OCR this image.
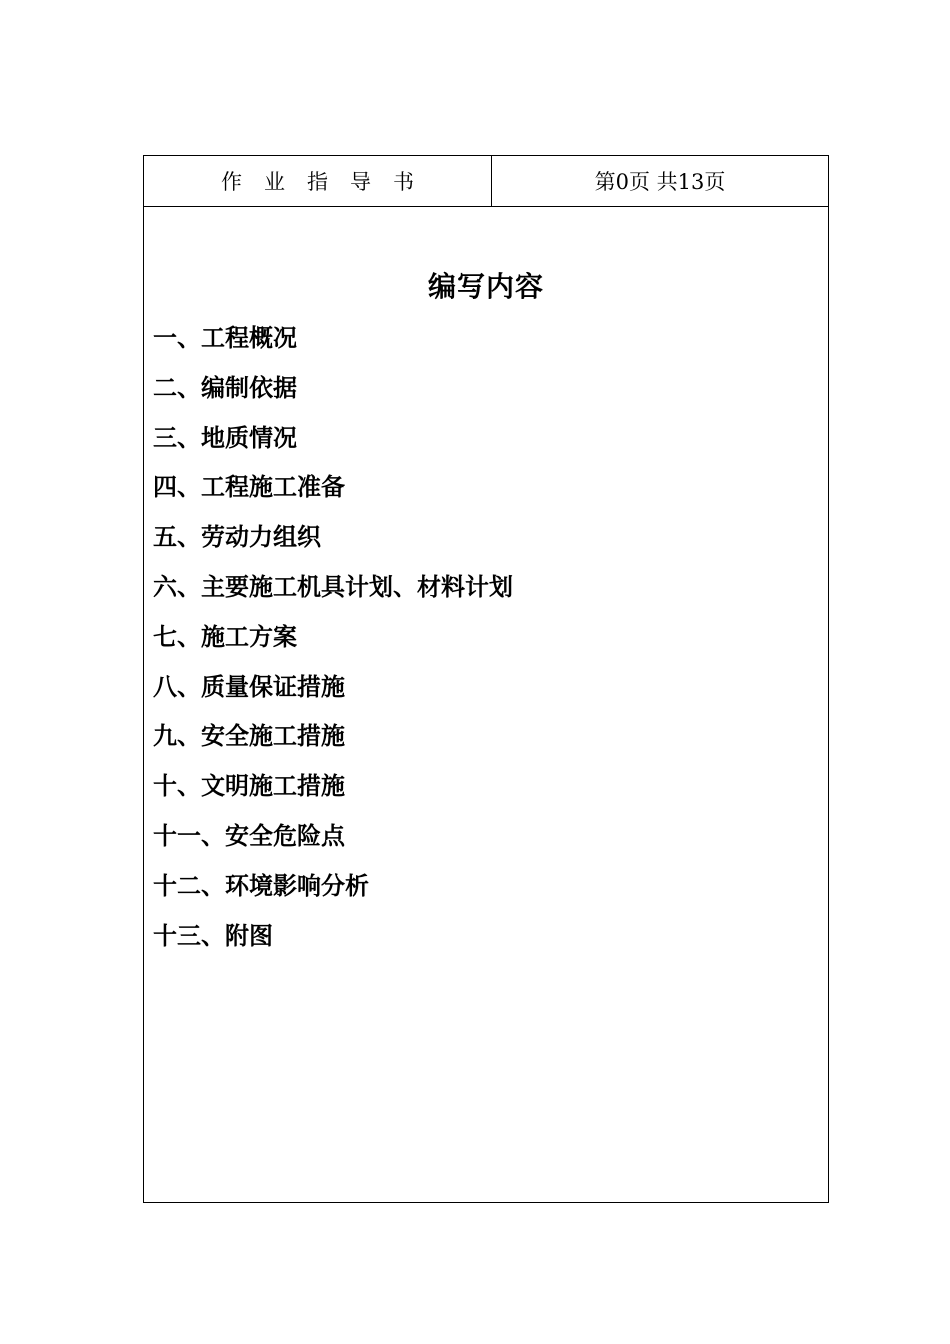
作业指导书	第0页 共13页
编写内容
一、工程概况
二、编制依据
三、地质情况
四、工程施工准备
五、劳动力组织
六、主要施工机具计划、材料计划
七、施工方案
八、质量保证措施
九、安全施工措施
十、文明施工措施
十一、安全危险点
十二、环境影响分析
十三、附图
